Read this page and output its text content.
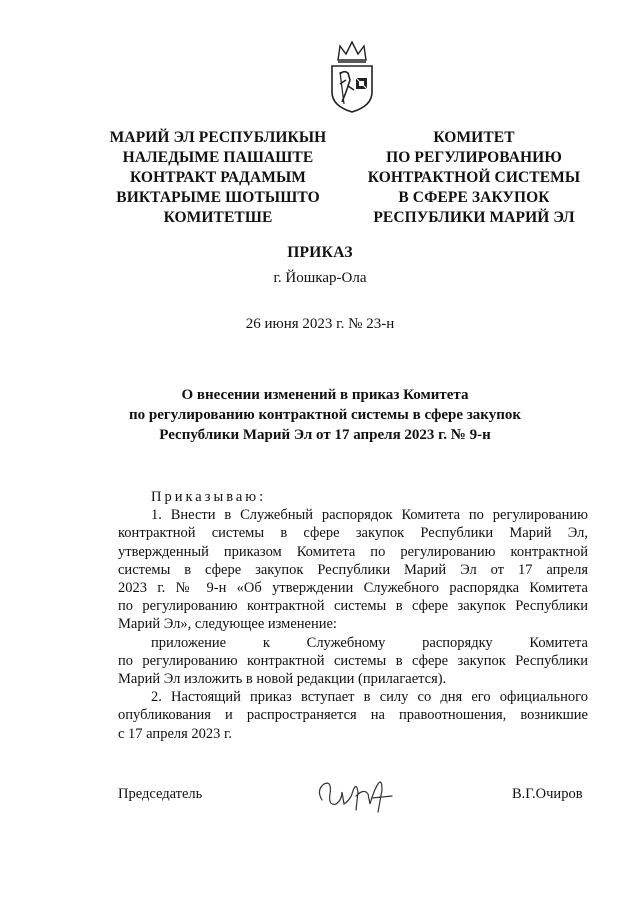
МАРИЙ ЭЛ РЕСПУБЛИКЫН
НАЛЕДЫМЕ ПАШАШТЕ
КОНТРАКТ РАДАМЫМ
ВИКТАРЫМЕ ШОТЫШТО
КОМИТЕТШЕ
КОМИТЕТ
ПО РЕГУЛИРОВАНИЮ
КОНТРАКТНОЙ СИСТЕМЫ
В СФЕРЕ ЗАКУПОК
РЕСПУБЛИКИ МАРИЙ ЭЛ
ПРИКАЗ
г. Йошкар-Ола
26 июня 2023 г. № 23-н
О внесении изменений в приказ Комитета
по регулированию контрактной системы в сфере закупок
Республики Марий Эл от 17 апреля 2023 г. № 9-н

Приказываю:

1. Внести в Служебный распорядок Комитета по регулированию
контрактной системы в сфере закупок Республики Марий Эл,
утвержденный приказом Комитета по регулированию контрактной
системы в сфере закупок Республики Марий Эл от 17 апреля
2023 г. № 9-н «Об утверждении Служебного распорядка Комитета
по регулированию контрактной системы в сфере закупок Республики
Марий Эл», следующее изменение:
приложение к Служебному распорядку Комитета
по регулированию контрактной системы в сфере закупок Республики
Марий Эл изложить в новой редакции (прилагается).
2. Настоящий приказ вступает в силу со дня его официального
опубликования и распространяется на правоотношения, возникшие
с 17 апреля 2023 г.
Председатель	В.Г.Очиров
